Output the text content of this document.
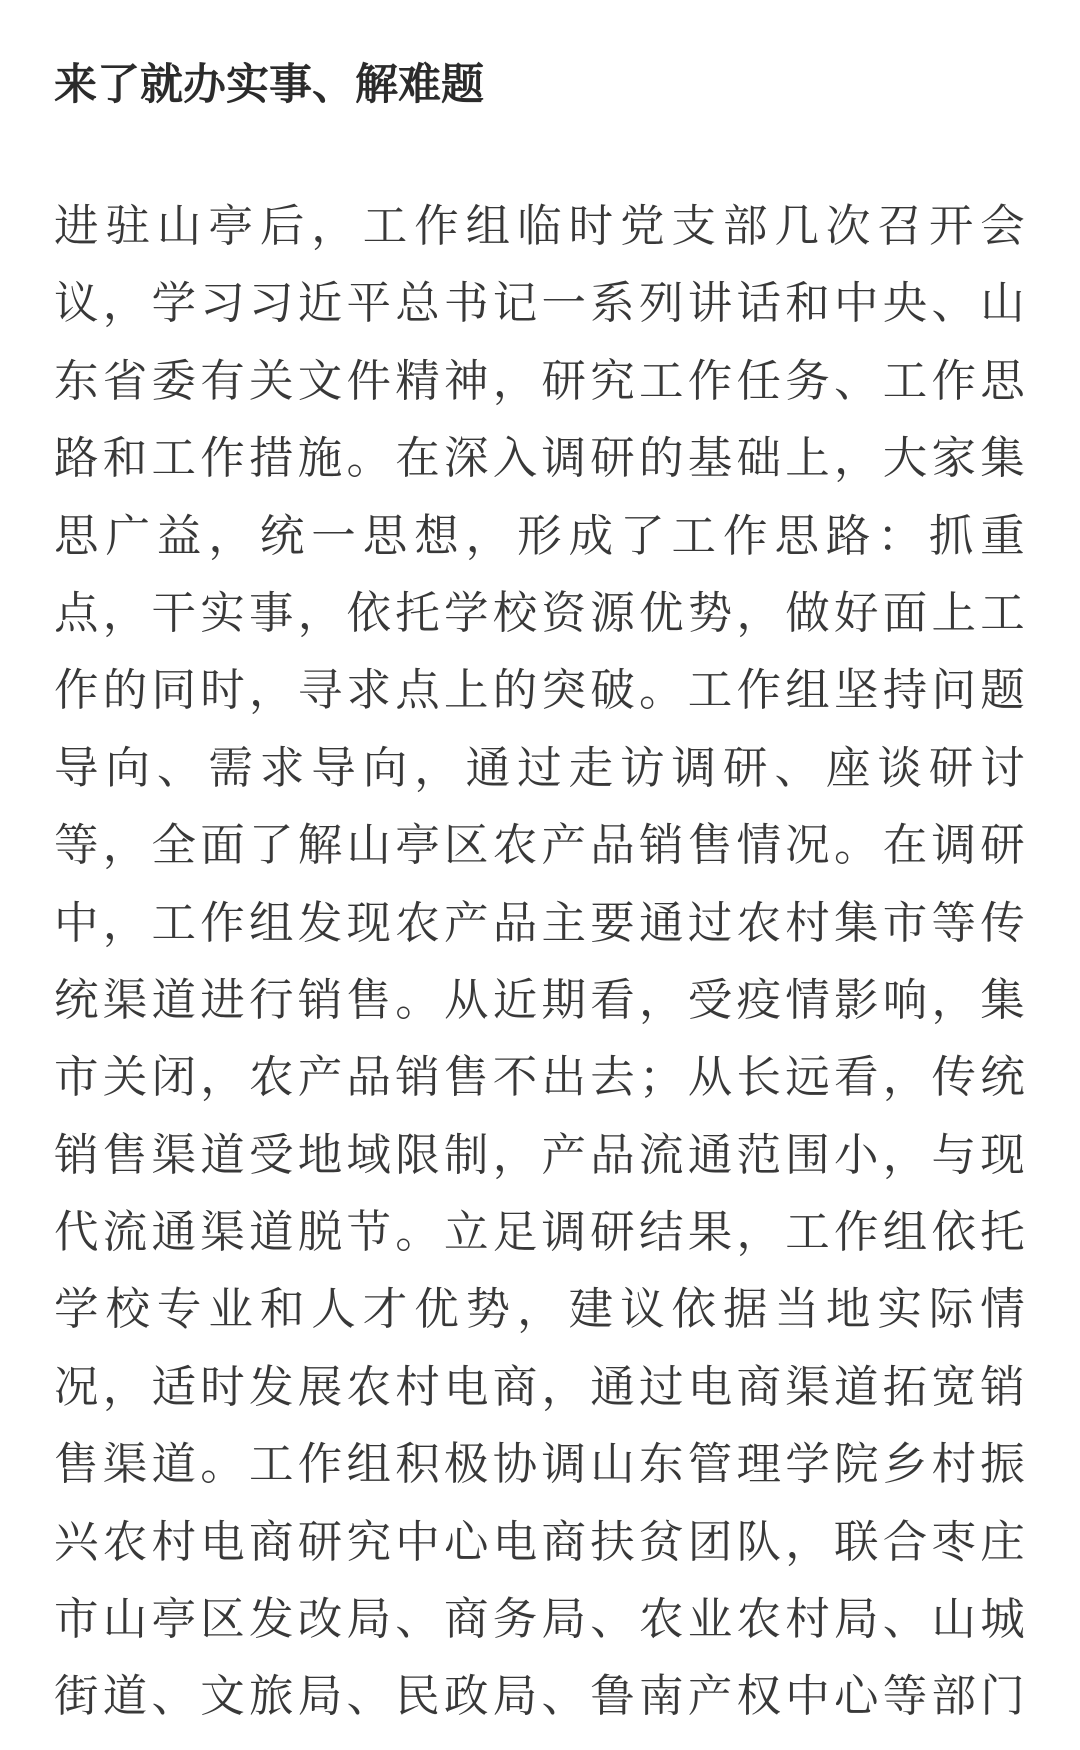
来了就办实事、解难题
进驻山亭后，工作组临时党支部几次召开会
议，学习习近平总书记一系列讲话和中央、山
东省委有关文件精神，研究工作任务、工作思
路和工作措施。在深入调研的基础上，大家集
思广益，统一思想，形成了工作思路：抓重
点，干实事，依托学校资源优势，做好面上工
作的同时，寻求点上的突破。工作组坚持问题
导向、需求导向，通过走访调研、座谈研讨
等，全面了解山亭区农产品销售情况。在调研
中，工作组发现农产品主要通过农村集市等传
统渠道进行销售。从近期看，受疫情影响，集
市关闭，农产品销售不出去；从长远看，传统
销售渠道受地域限制，产品流通范围小，与现
代流通渠道脱节。立足调研结果，工作组依托
学校专业和人才优势，建议依据当地实际情
况，适时发展农村电商，通过电商渠道拓宽销
售渠道。工作组积极协调山东管理学院乡村振
兴农村电商研究中心电商扶贫团队，联合枣庄
市山亭区发改局、商务局、农业农村局、山城
街道、文旅局、民政局、鲁南产权中心等部门
